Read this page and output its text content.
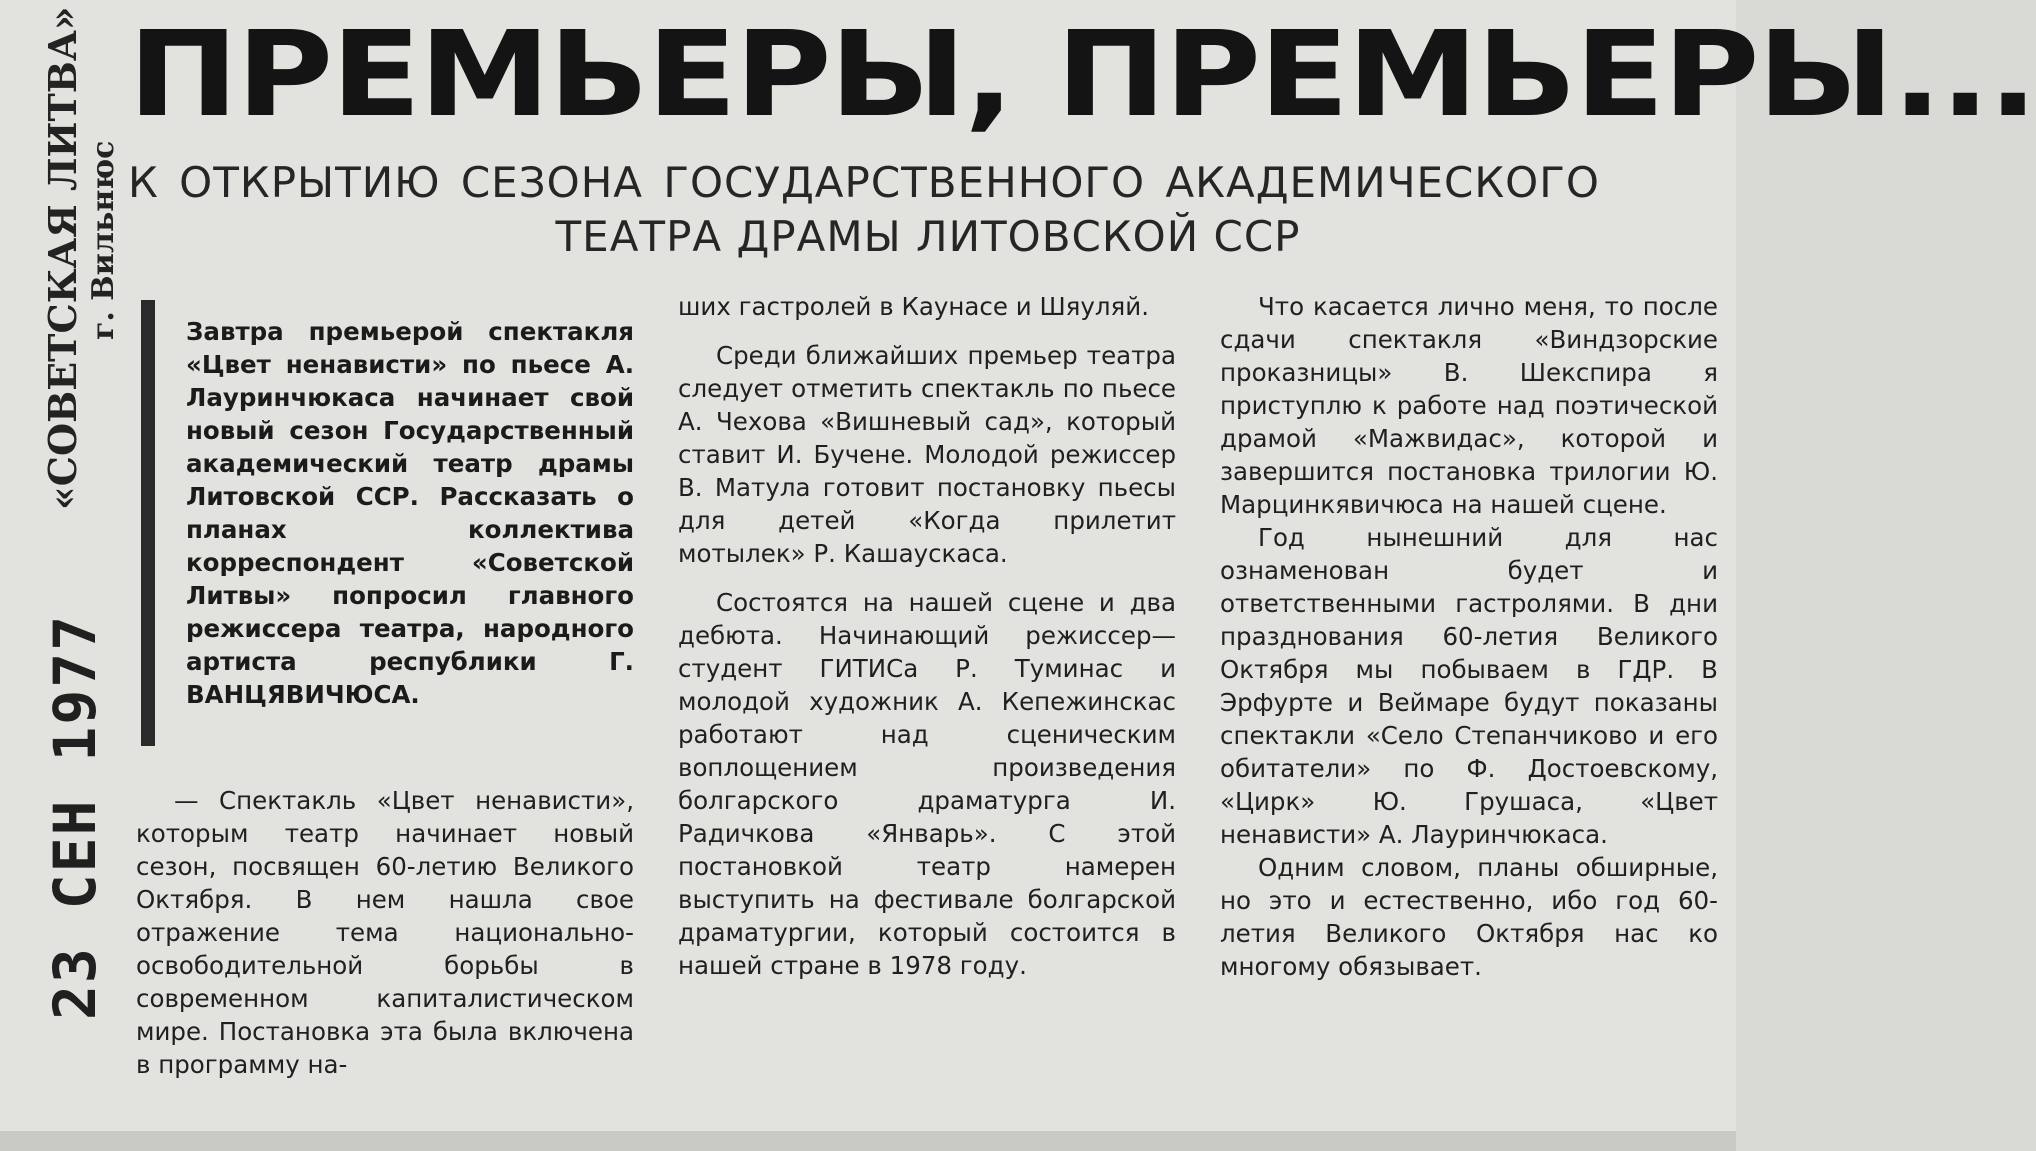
«СОВЕТСКАЯ ЛИТВА» г. Вильнюс
23 СЕН 1977
ПРЕМЬЕРЫ, ПРЕМЬЕРЫ...
К ОТКРЫТИЮ СЕЗОНА ГОСУДАРСТВЕННОГО АКАДЕМИЧЕСКОГО
ТЕАТРА ДРАМЫ ЛИТОВСКОЙ ССР

Завтра премьерой спектакля «Цвет ненависти» по пьесе А. Лауринчюкаса начинает свой новый сезон Государственный академический театр драмы Литовской ССР. Рассказать о планах коллектива корреспондент «Советской Литвы» попросил главного режиссера театра, народного артиста республики Г. ВАНЦЯВИЧЮСА.

— Спектакль «Цвет ненависти», которым театр начинает новый сезон, посвящен 60-летию Великого Октября. В нем нашла свое отражение тема национально-освободительной борьбы в современном капиталистическом мире. Постановка эта была включена в программу на-

ших гастролей в Каунасе и Шяуляй.

Среди ближайших премьер театра следует отметить спектакль по пьесе А. Чехова «Вишневый сад», который ставит И. Бучене. Молодой режиссер В. Матула готовит постановку пьесы для детей «Когда прилетит мотылек» Р. Кашаускаса.

Состоятся на нашей сцене и два дебюта. Начинающий режиссер—студент ГИТИСа Р. Туминас и молодой художник А. Кепежинскас работают над сценическим воплощением произведения болгарского драматурга И. Радичкова «Январь». С этой постановкой театр намерен выступить на фестивале болгарской драматургии, который состоится в нашей стране в 1978 году.

Что касается лично меня, то после сдачи спектакля «Виндзорские проказницы» В. Шекспира я приступлю к работе над поэтической драмой «Мажвидас», которой и завершится постановка трилогии Ю. Марцинкявичюса на нашей сцене.

Год нынешний для нас ознаменован будет и ответственными гастролями. В дни празднования 60-летия Великого Октября мы побываем в ГДР. В Эрфурте и Веймаре будут показаны спектакли «Село Степанчиково и его обитатели» по Ф. Достоевскому, «Цирк» Ю. Грушаса, «Цвет ненависти» А. Лауринчюкаса.

Одним словом, планы обширные, но это и естественно, ибо год 60-летия Великого Октября нас ко многому обязывает.
